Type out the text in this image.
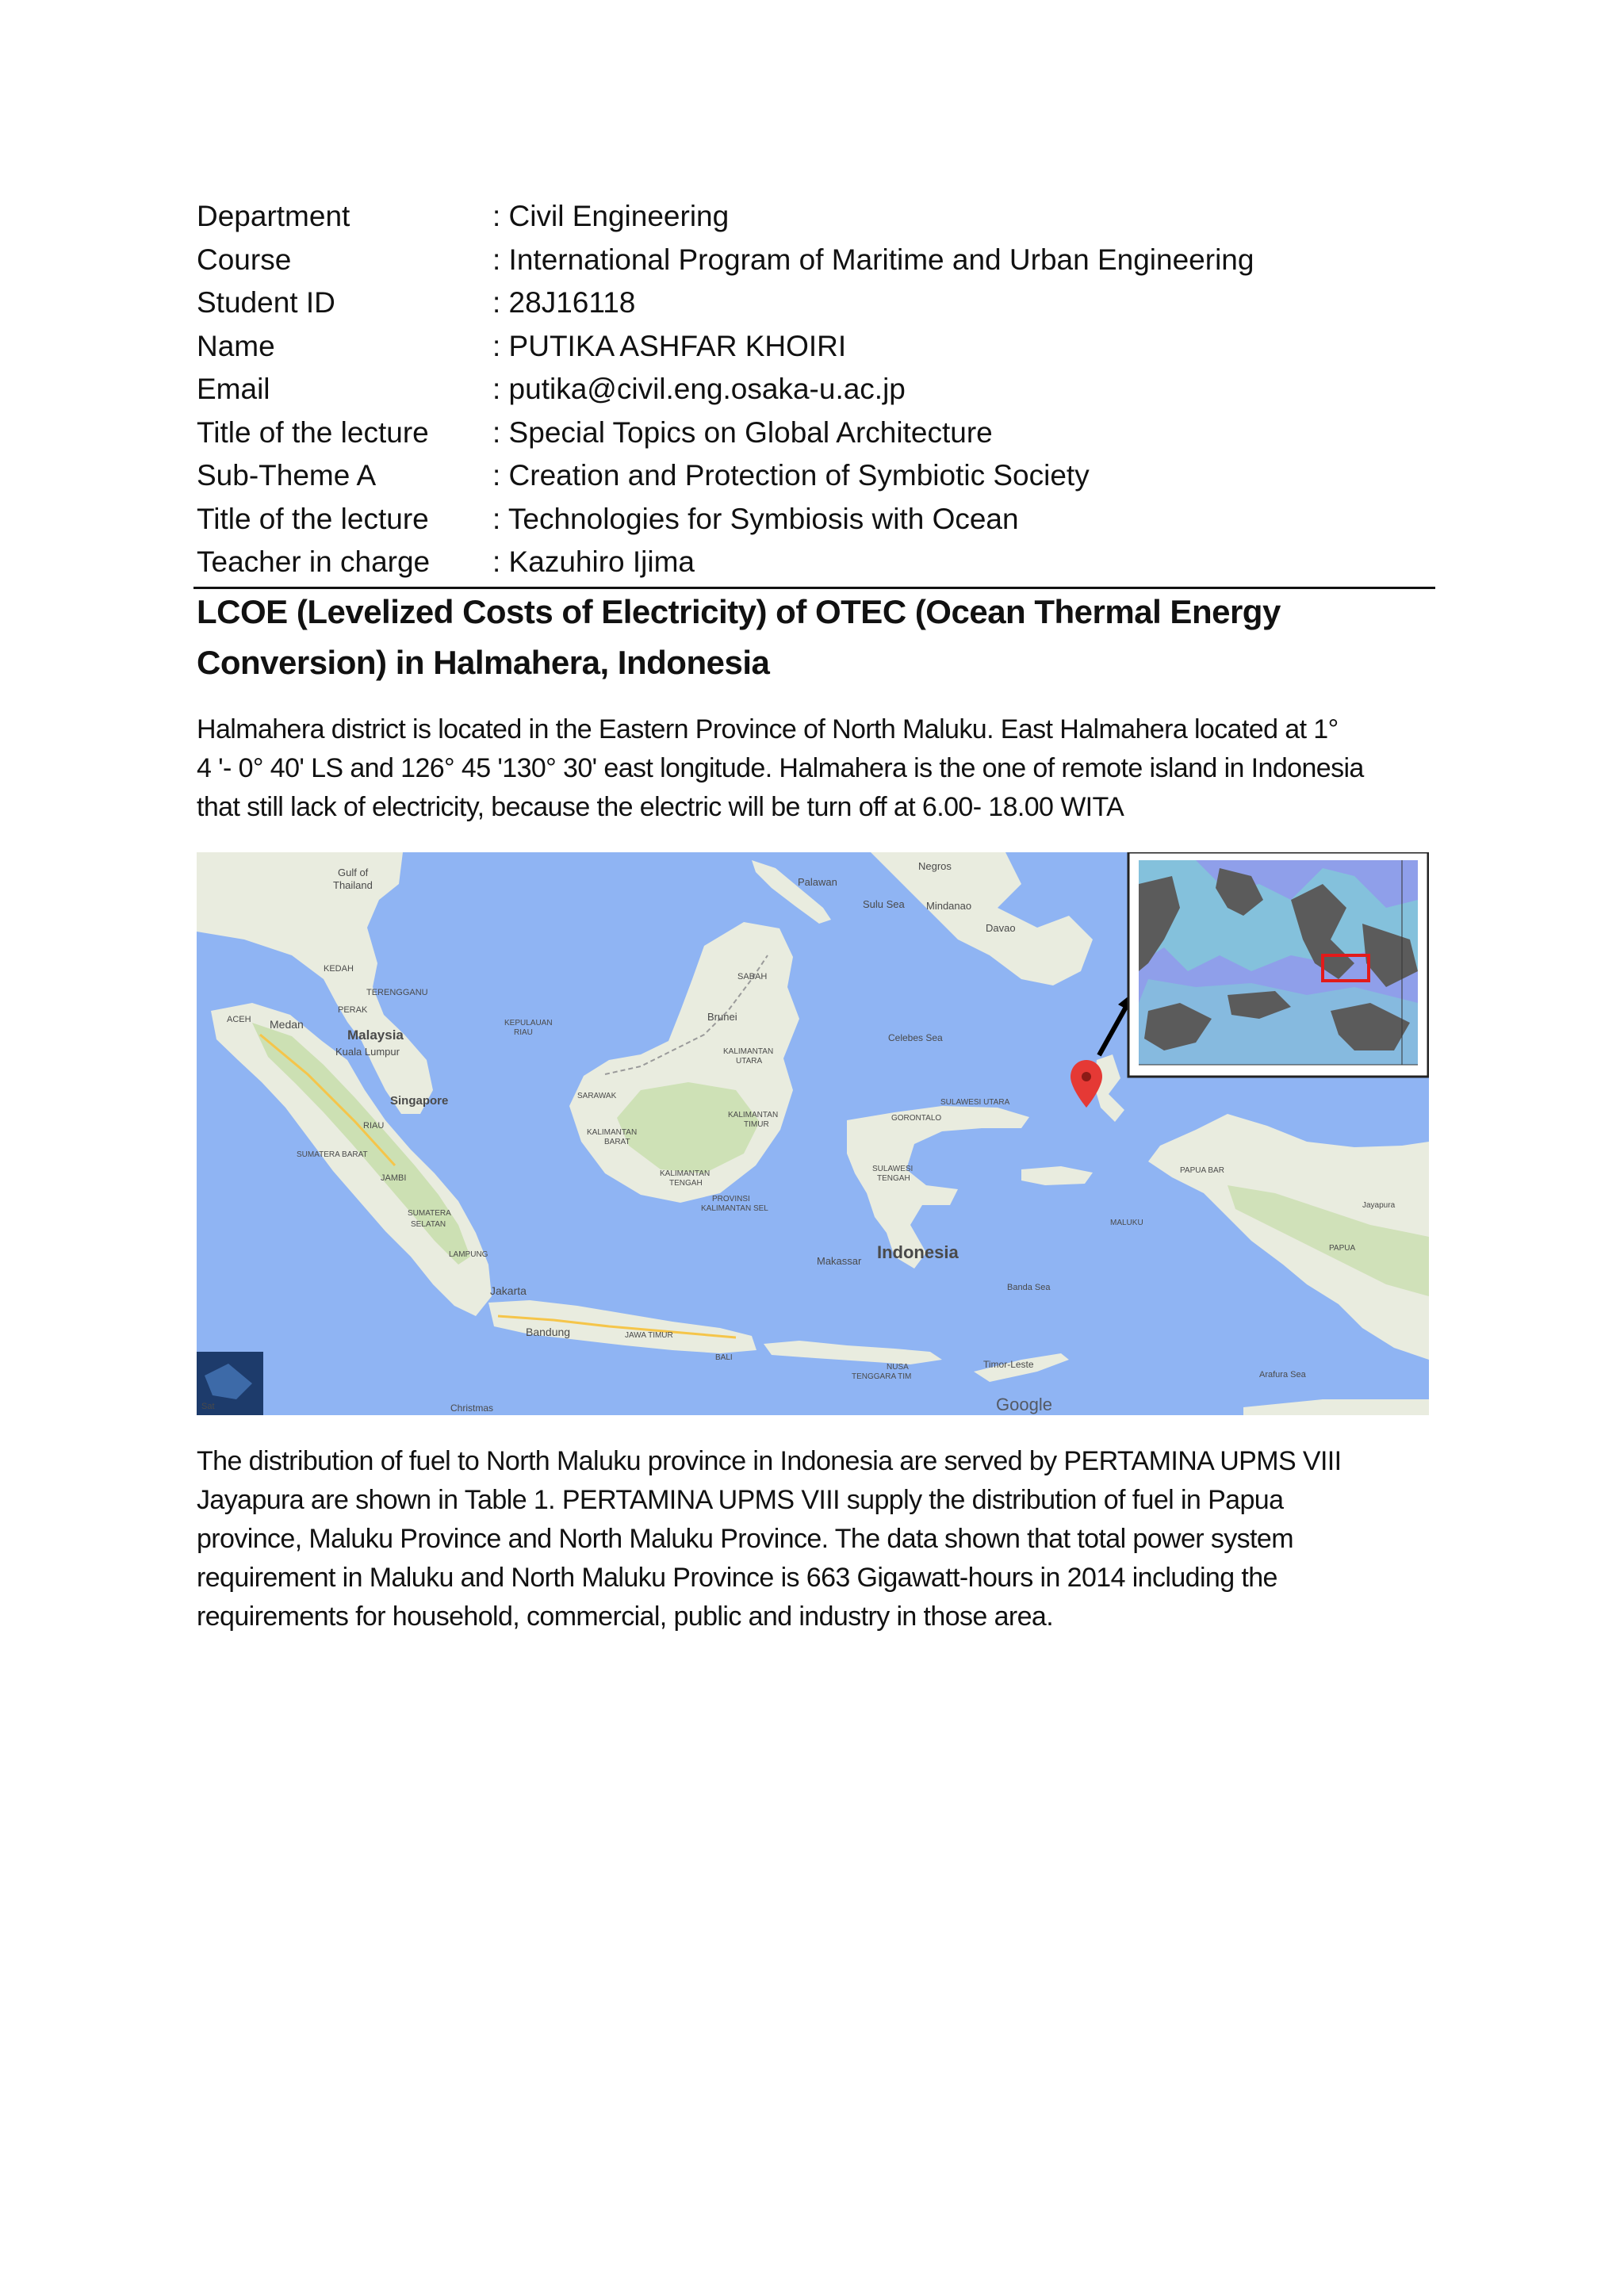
Department	: Civil Engineering
Course	: International Program of Maritime and Urban Engineering
Student ID	: 28J16118
Name	: PUTIKA ASHFAR KHOIRI
Email	: putika@civil.eng.osaka-u.ac.jp
Title of the lecture	: Special Topics on Global Architecture
Sub-Theme A	: Creation and Protection of Symbiotic Society
Title of the lecture	: Technologies for Symbiosis with Ocean
Teacher in charge	: Kazuhiro Ijima
LCOE (Levelized Costs of Electricity) of OTEC (Ocean Thermal Energy
Conversion) in Halmahera, Indonesia

Halmahera district is located in the Eastern Province of North Maluku. East Halmahera located at 1°
4 '- 0° 40' LS and 126° 45 '130° 30' east longitude. Halmahera is the one of remote island in Indonesia
that still lack of electricity, because the electric will be turn off at 6.00- 18.00 WITA

Sat
Gulf of
Thailand	Palawan
Negros
Sulu Sea Mindanao
Davao
KEDAH
TERENGGANU
PERAK
ACEH Medan
Malaysia
Kuala Lumpur
Singapore
RIAU
SUMATERA BARAT
JAMBI
SUMATERA
SELATAN
LAMPUNG
Jakarta
Bandung	JAWA TIMUR
BALI
Christmas
KEPULAUAN
RIAU
SABAH
Brunei
KALIMANTAN
UTARA
SARAWAK
KALIMANTAN
BARAT
KALIMANTAN
TIMUR
KALIMANTAN
TENGAH
PROVINSI
KALIMANTAN SEL
Celebes Sea
SULAWESI UTARA
GORONTALO
SULAWESI
TENGAH
Makassar Indonesia
Banda Sea
MALUKU
PAPUA BAR
Jayapura
PAPUA
NUSA
TENGGARA TIM
Timor-Leste
Arafura Sea
Google

The distribution of fuel to North Maluku province in Indonesia are served by PERTAMINA UPMS VIII
Jayapura are shown in Table 1. PERTAMINA UPMS VIII supply the distribution of fuel in Papua
province, Maluku Province and North Maluku Province. The data shown that total power system
requirement in Maluku and North Maluku Province is 663 Gigawatt-hours in 2014 including the
requirements for household, commercial, public and industry in those area.
